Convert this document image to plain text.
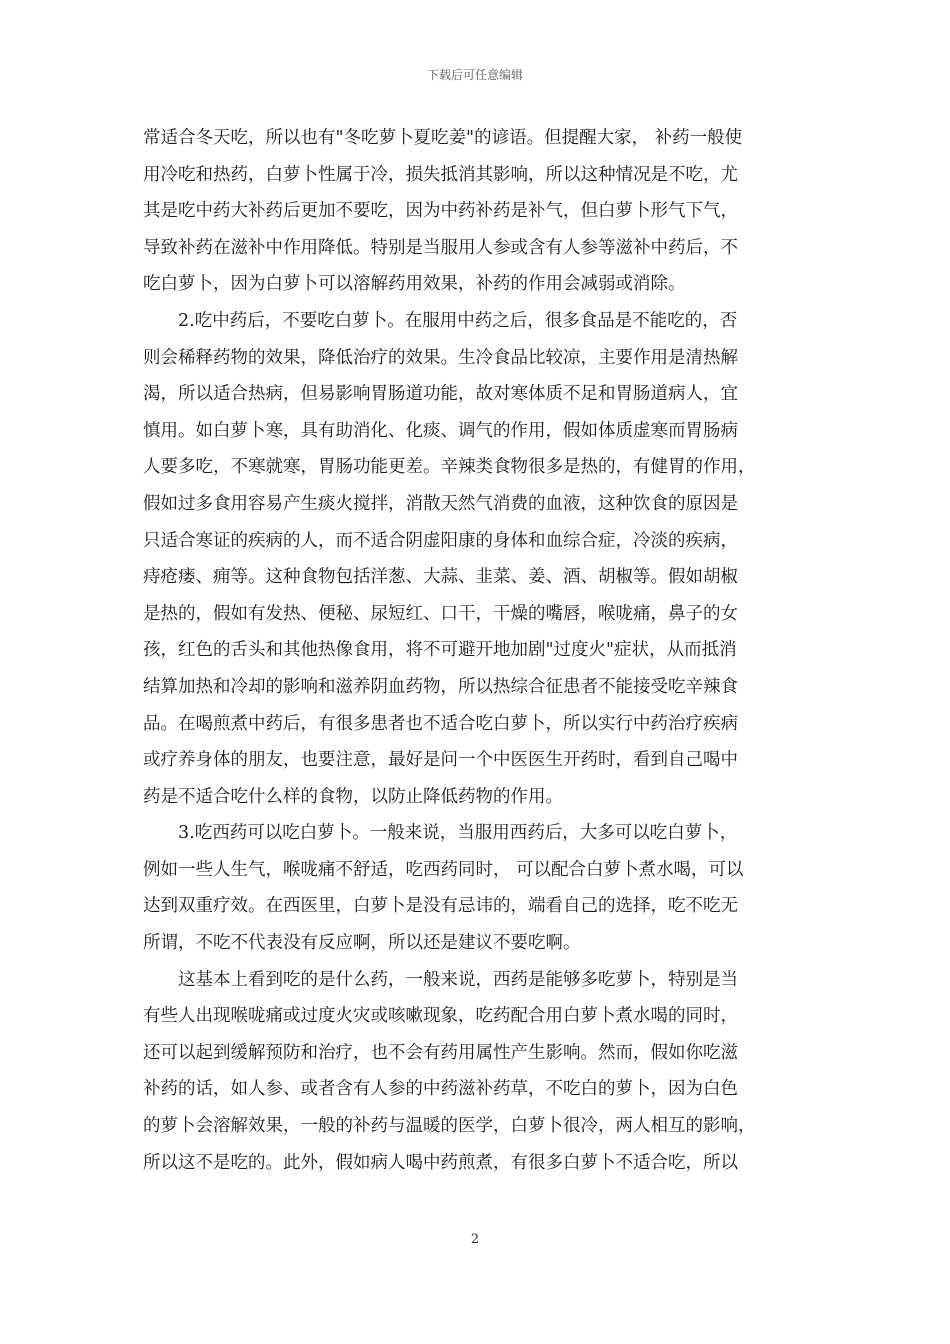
下载后可任意编辑

常适合冬天吃，所以也有"冬吃萝卜夏吃姜"的谚语。但提醒大家， 补药一般使
用冷吃和热药，白萝卜性属于冷，损失抵消其影响，所以这种情况是不吃，尤
其是吃中药大补药后更加不要吃，因为中药补药是补气，但白萝卜形气下气，
导致补药在滋补中作用降低。特别是当服用人参或含有人参等滋补中药后，不
吃白萝卜，因为白萝卜可以溶解药用效果，补药的作用会减弱或消除。

2.吃中药后，不要吃白萝卜。在服用中药之后，很多食品是不能吃的，否
则会稀释药物的效果，降低治疗的效果。生冷食品比较凉，主要作用是清热解
渴，所以适合热病，但易影响胃肠道功能，故对寒体质不足和胃肠道病人，宜
慎用。如白萝卜寒，具有助消化、化痰、调气的作用，假如体质虚寒而胃肠病
人要多吃，不寒就寒，胃肠功能更差。辛辣类食物很多是热的，有健胃的作用，
假如过多食用容易产生痰火搅拌，消散天然气消费的血液，这种饮食的原因是
只适合寒证的疾病的人，而不适合阴虚阳康的身体和血综合症，冷淡的疾病，
痔疮瘘、痈等。这种食物包括洋葱、大蒜、韭菜、姜、酒、胡椒等。假如胡椒
是热的，假如有发热、便秘、尿短红、口干，干燥的嘴唇，喉咙痛，鼻子的女
孩，红色的舌头和其他热像食用，将不可避开地加剧"过度火"症状，从而抵消
结算加热和冷却的影响和滋养阴血药物，所以热综合征患者不能接受吃辛辣食
品。在喝煎煮中药后，有很多患者也不适合吃白萝卜，所以实行中药治疗疾病
或疗养身体的朋友，也要注意，最好是问一个中医医生开药时，看到自己喝中
药是不适合吃什么样的食物，以防止降低药物的作用。

3.吃西药可以吃白萝卜。一般来说，当服用西药后，大多可以吃白萝卜，
例如一些人生气，喉咙痛不舒适，吃西药同时， 可以配合白萝卜煮水喝，可以
达到双重疗效。在西医里，白萝卜是没有忌讳的，端看自己的选择，吃不吃无
所谓，不吃不代表没有反应啊，所以还是建议不要吃啊。

这基本上看到吃的是什么药，一般来说，西药是能够多吃萝卜，特别是当
有些人出现喉咙痛或过度火灾或咳嗽现象，吃药配合用白萝卜煮水喝的同时，
还可以起到缓解预防和治疗，也不会有药用属性产生影响。然而，假如你吃滋
补药的话，如人参、或者含有人参的中药滋补药草，不吃白的萝卜，因为白色
的萝卜会溶解效果，一般的补药与温暖的医学，白萝卜很冷，两人相互的影响，
所以这不是吃的。此外，假如病人喝中药煎煮，有很多白萝卜不适合吃，所以

2
